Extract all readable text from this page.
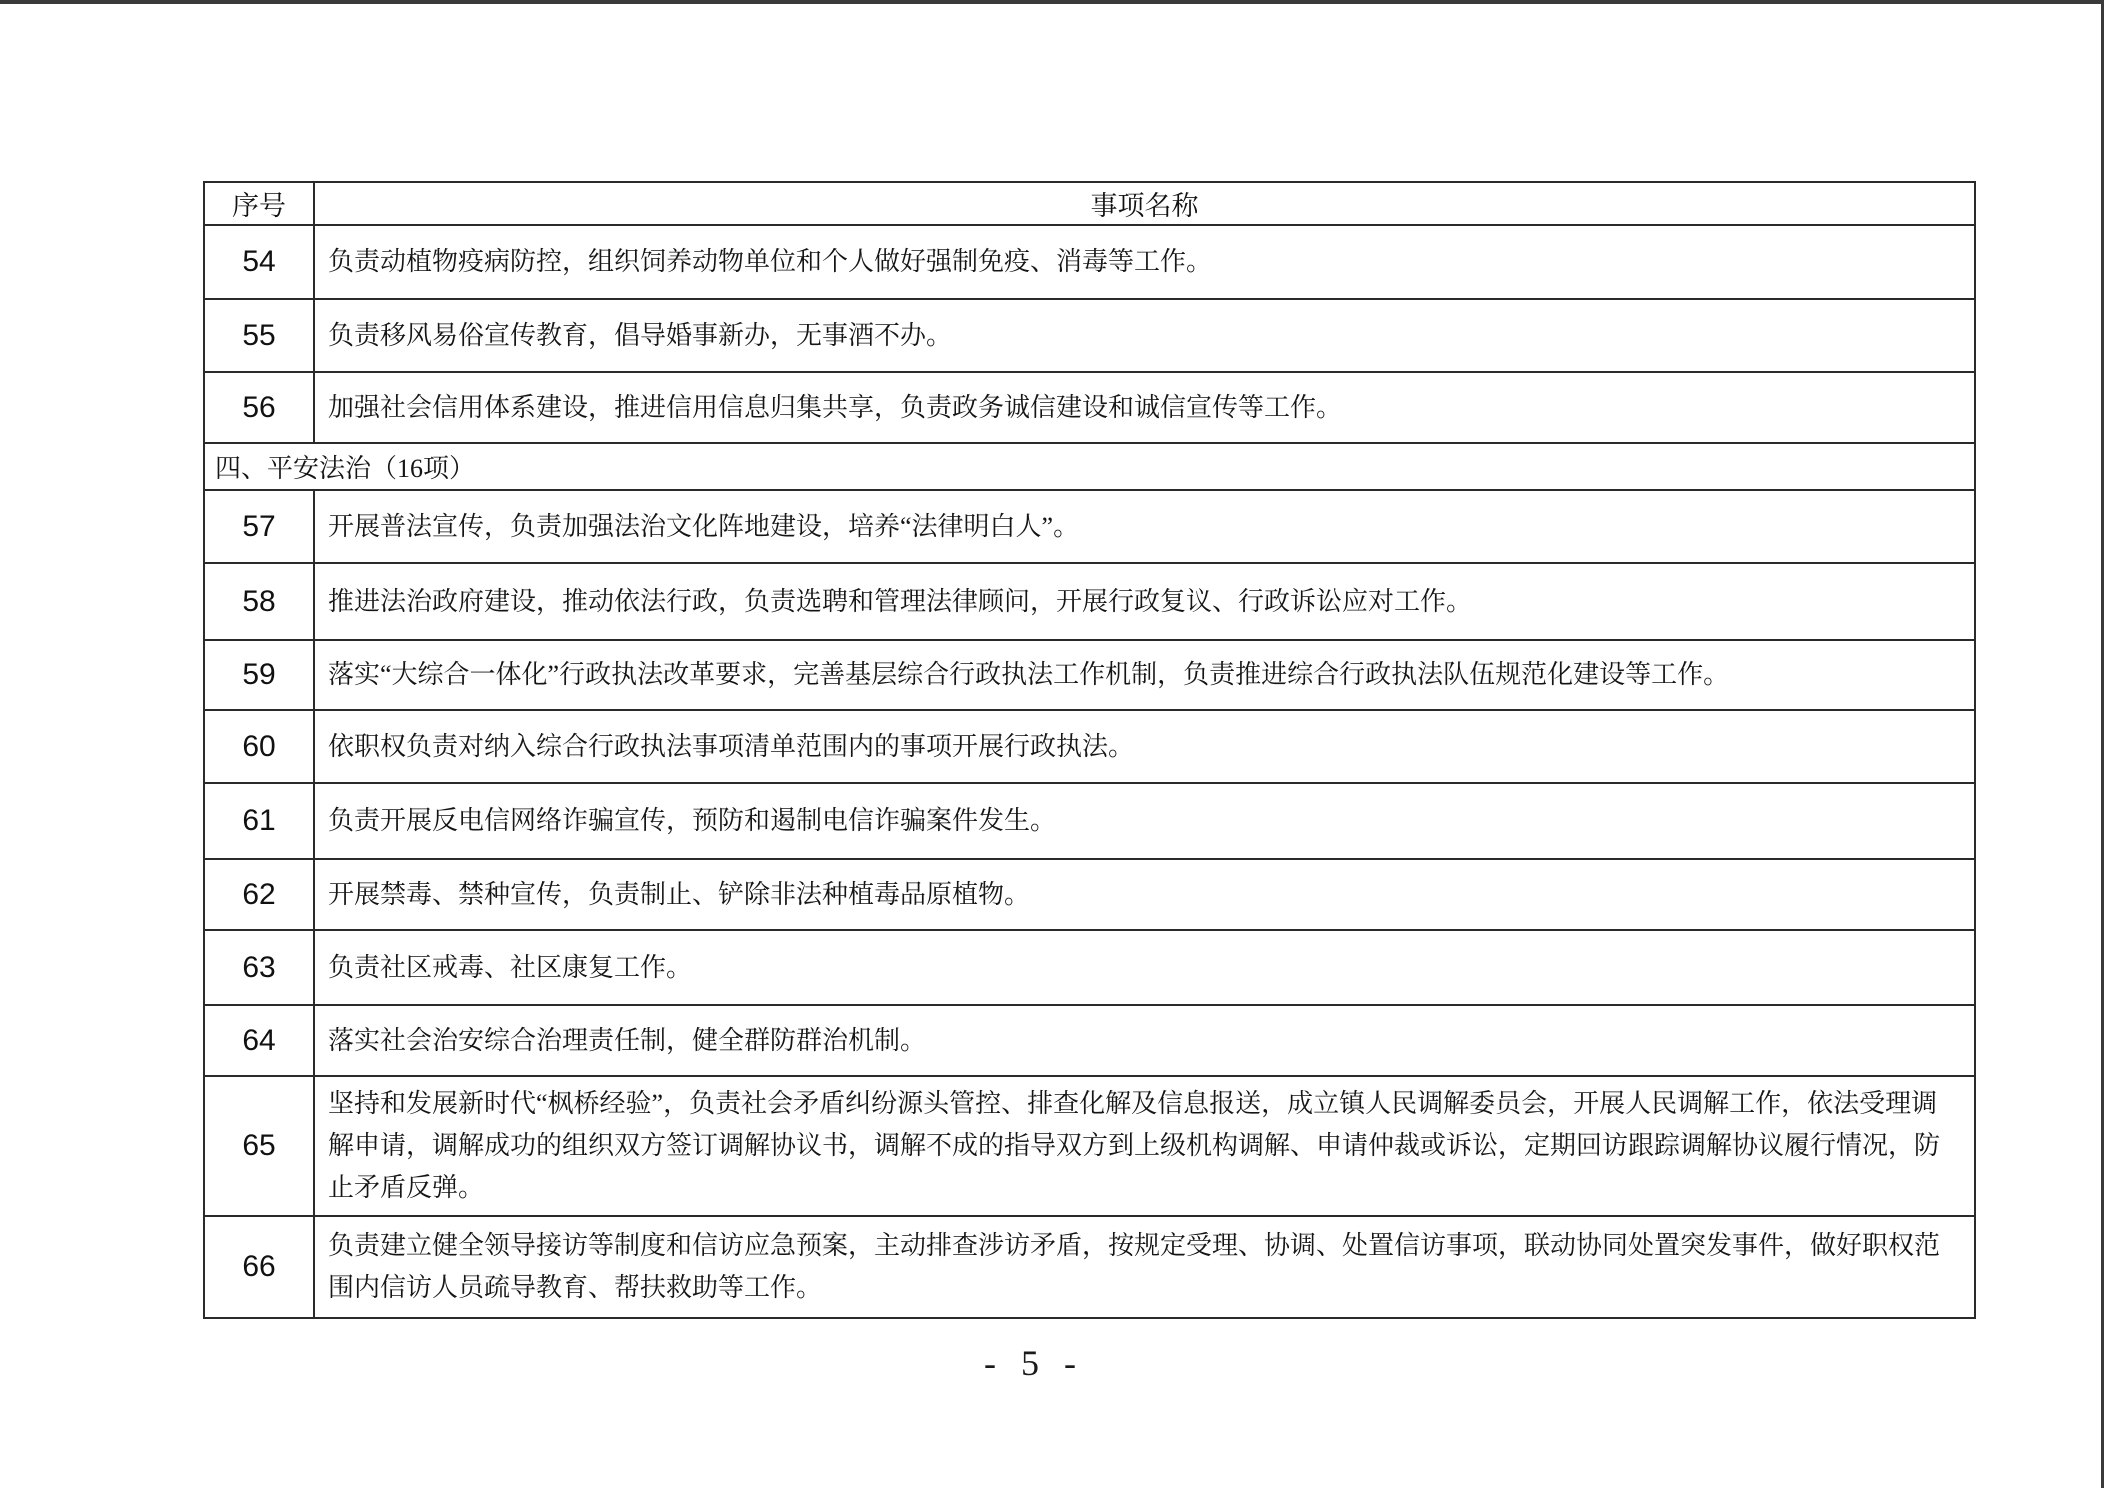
序号	事项名称
54	负责动植物疫病防控，组织饲养动物单位和个人做好强制免疫、消毒等工作。
55	负责移风易俗宣传教育，倡导婚事新办，无事酒不办。
56	加强社会信用体系建设，推进信用信息归集共享，负责政务诚信建设和诚信宣传等工作。
四、平安法治（16项）	
57	开展普法宣传，负责加强法治文化阵地建设，培养“法律明白人”。
58	推进法治政府建设，推动依法行政，负责选聘和管理法律顾问，开展行政复议、行政诉讼应对工作。
59	落实“大综合一体化”行政执法改革要求，完善基层综合行政执法工作机制，负责推进综合行政执法队伍规范化建设等工作。
60	依职权负责对纳入综合行政执法事项清单范围内的事项开展行政执法。
61	负责开展反电信网络诈骗宣传，预防和遏制电信诈骗案件发生。
62	开展禁毒、禁种宣传，负责制止、铲除非法种植毒品原植物。
63	负责社区戒毒、社区康复工作。
64	落实社会治安综合治理责任制，健全群防群治机制。
65	坚持和发展新时代“枫桥经验”，负责社会矛盾纠纷源头管控、排查化解及信息报送，成立镇人民调解委员会，开展人民调解工作，依法受理调解申请，调解成功的组织双方签订调解协议书，调解不成的指导双方到上级机构调解、申请仲裁或诉讼，定期回访跟踪调解协议履行情况，防止矛盾反弹。
66	负责建立健全领导接访等制度和信访应急预案，主动排查涉访矛盾，按规定受理、协调、处置信访事项，联动协同处置突发事件，做好职权范围内信访人员疏导教育、帮扶救助等工作。
- 5 -
